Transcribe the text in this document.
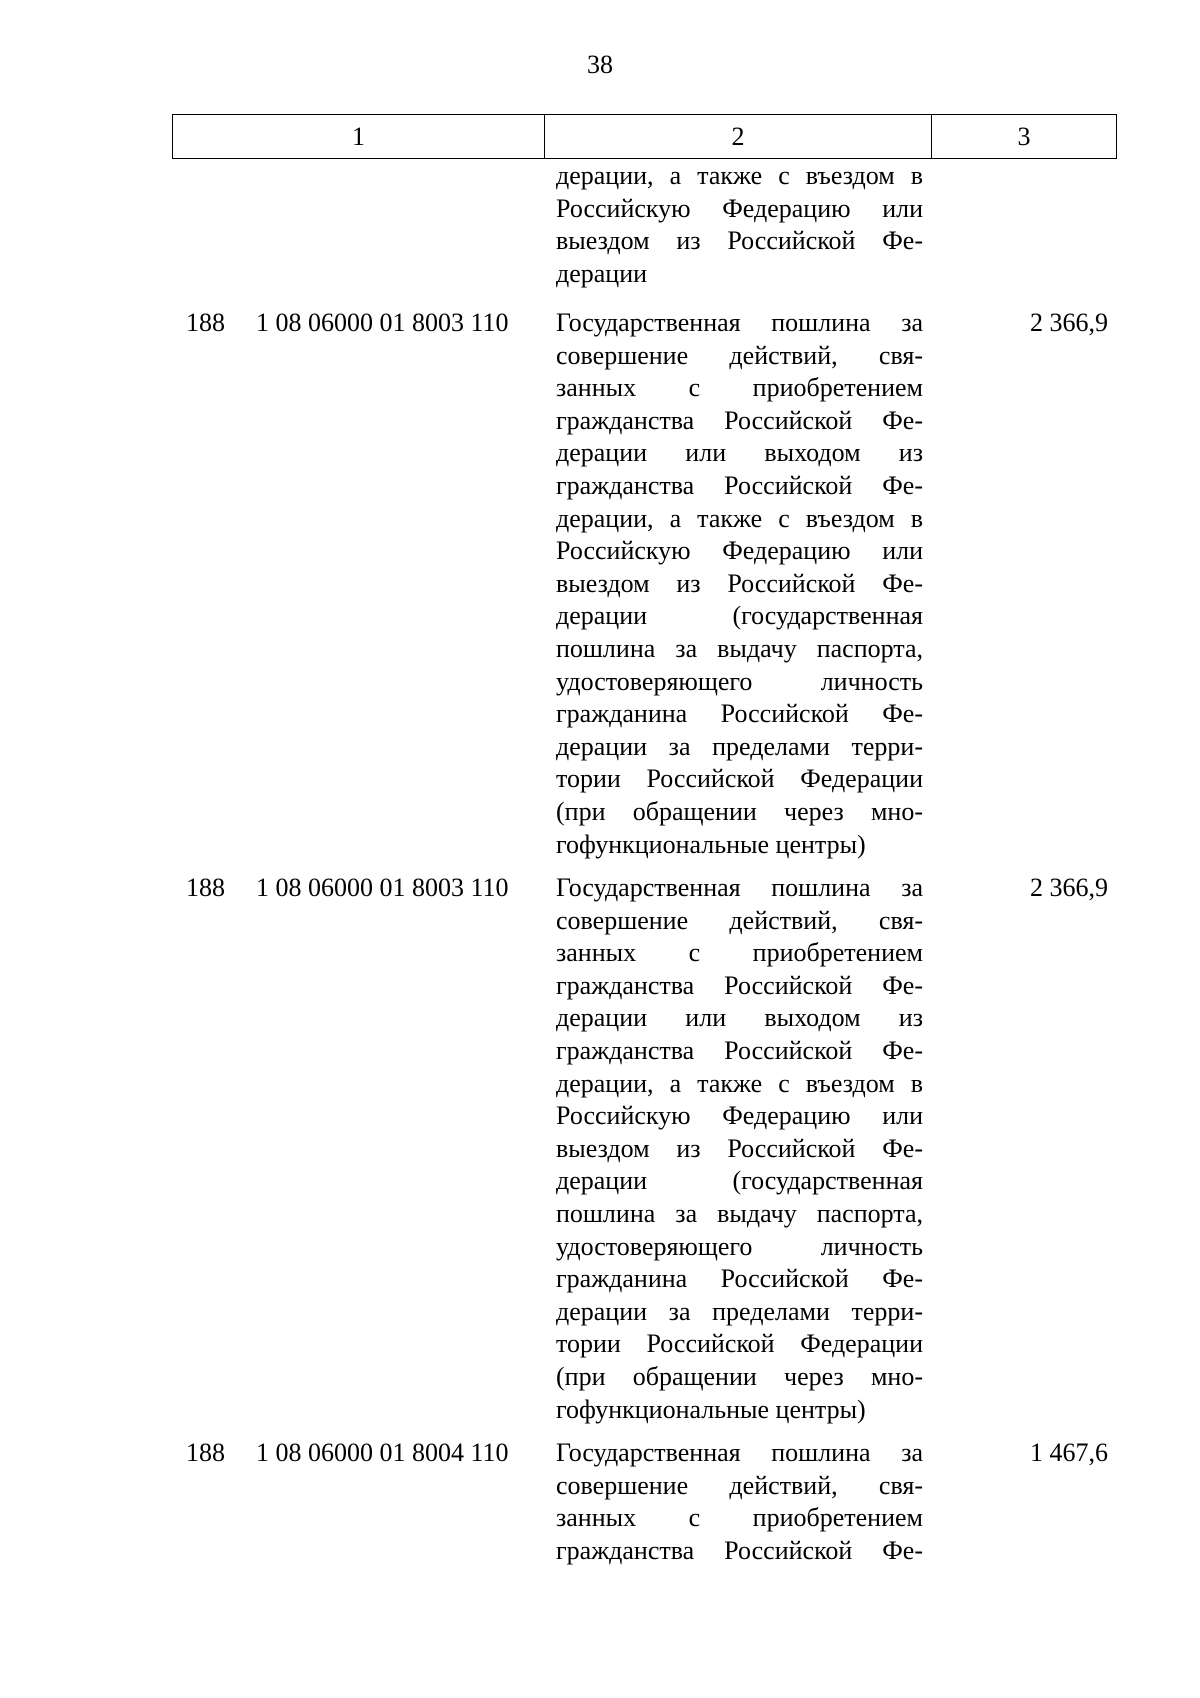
38
1	2	3
дерации, а также с въездом в
Российскую Федерацию или
выездом из Российской Фе-
дерации
188 1 08 06000 01 8003 110 Государственная пошлина за
совершение действий, свя-
занных с приобретением
гражданства Российской Фе-
дерации или выходом из
гражданства Российской Фе-
дерации, а также с въездом в
Российскую Федерацию или
выездом из Российской Фе-
дерации (государственная
пошлина за выдачу паспорта,
удостоверяющего личность
гражданина Российской Фе-
дерации за пределами терри-
тории Российской Федерации
(при обращении через мно-
гофункциональные центры)
2 366,9
188 1 08 06000 01 8003 110 Государственная пошлина за
совершение действий, свя-
занных с приобретением
гражданства Российской Фе-
дерации или выходом из
гражданства Российской Фе-
дерации, а также с въездом в
Российскую Федерацию или
выездом из Российской Фе-
дерации (государственная
пошлина за выдачу паспорта,
удостоверяющего личность
гражданина Российской Фе-
дерации за пределами терри-
тории Российской Федерации
(при обращении через мно-
гофункциональные центры)
2 366,9
188 1 08 06000 01 8004 110 Государственная пошлина за
совершение действий, свя-
занных с приобретением
гражданства Российской Фе-
1 467,6
